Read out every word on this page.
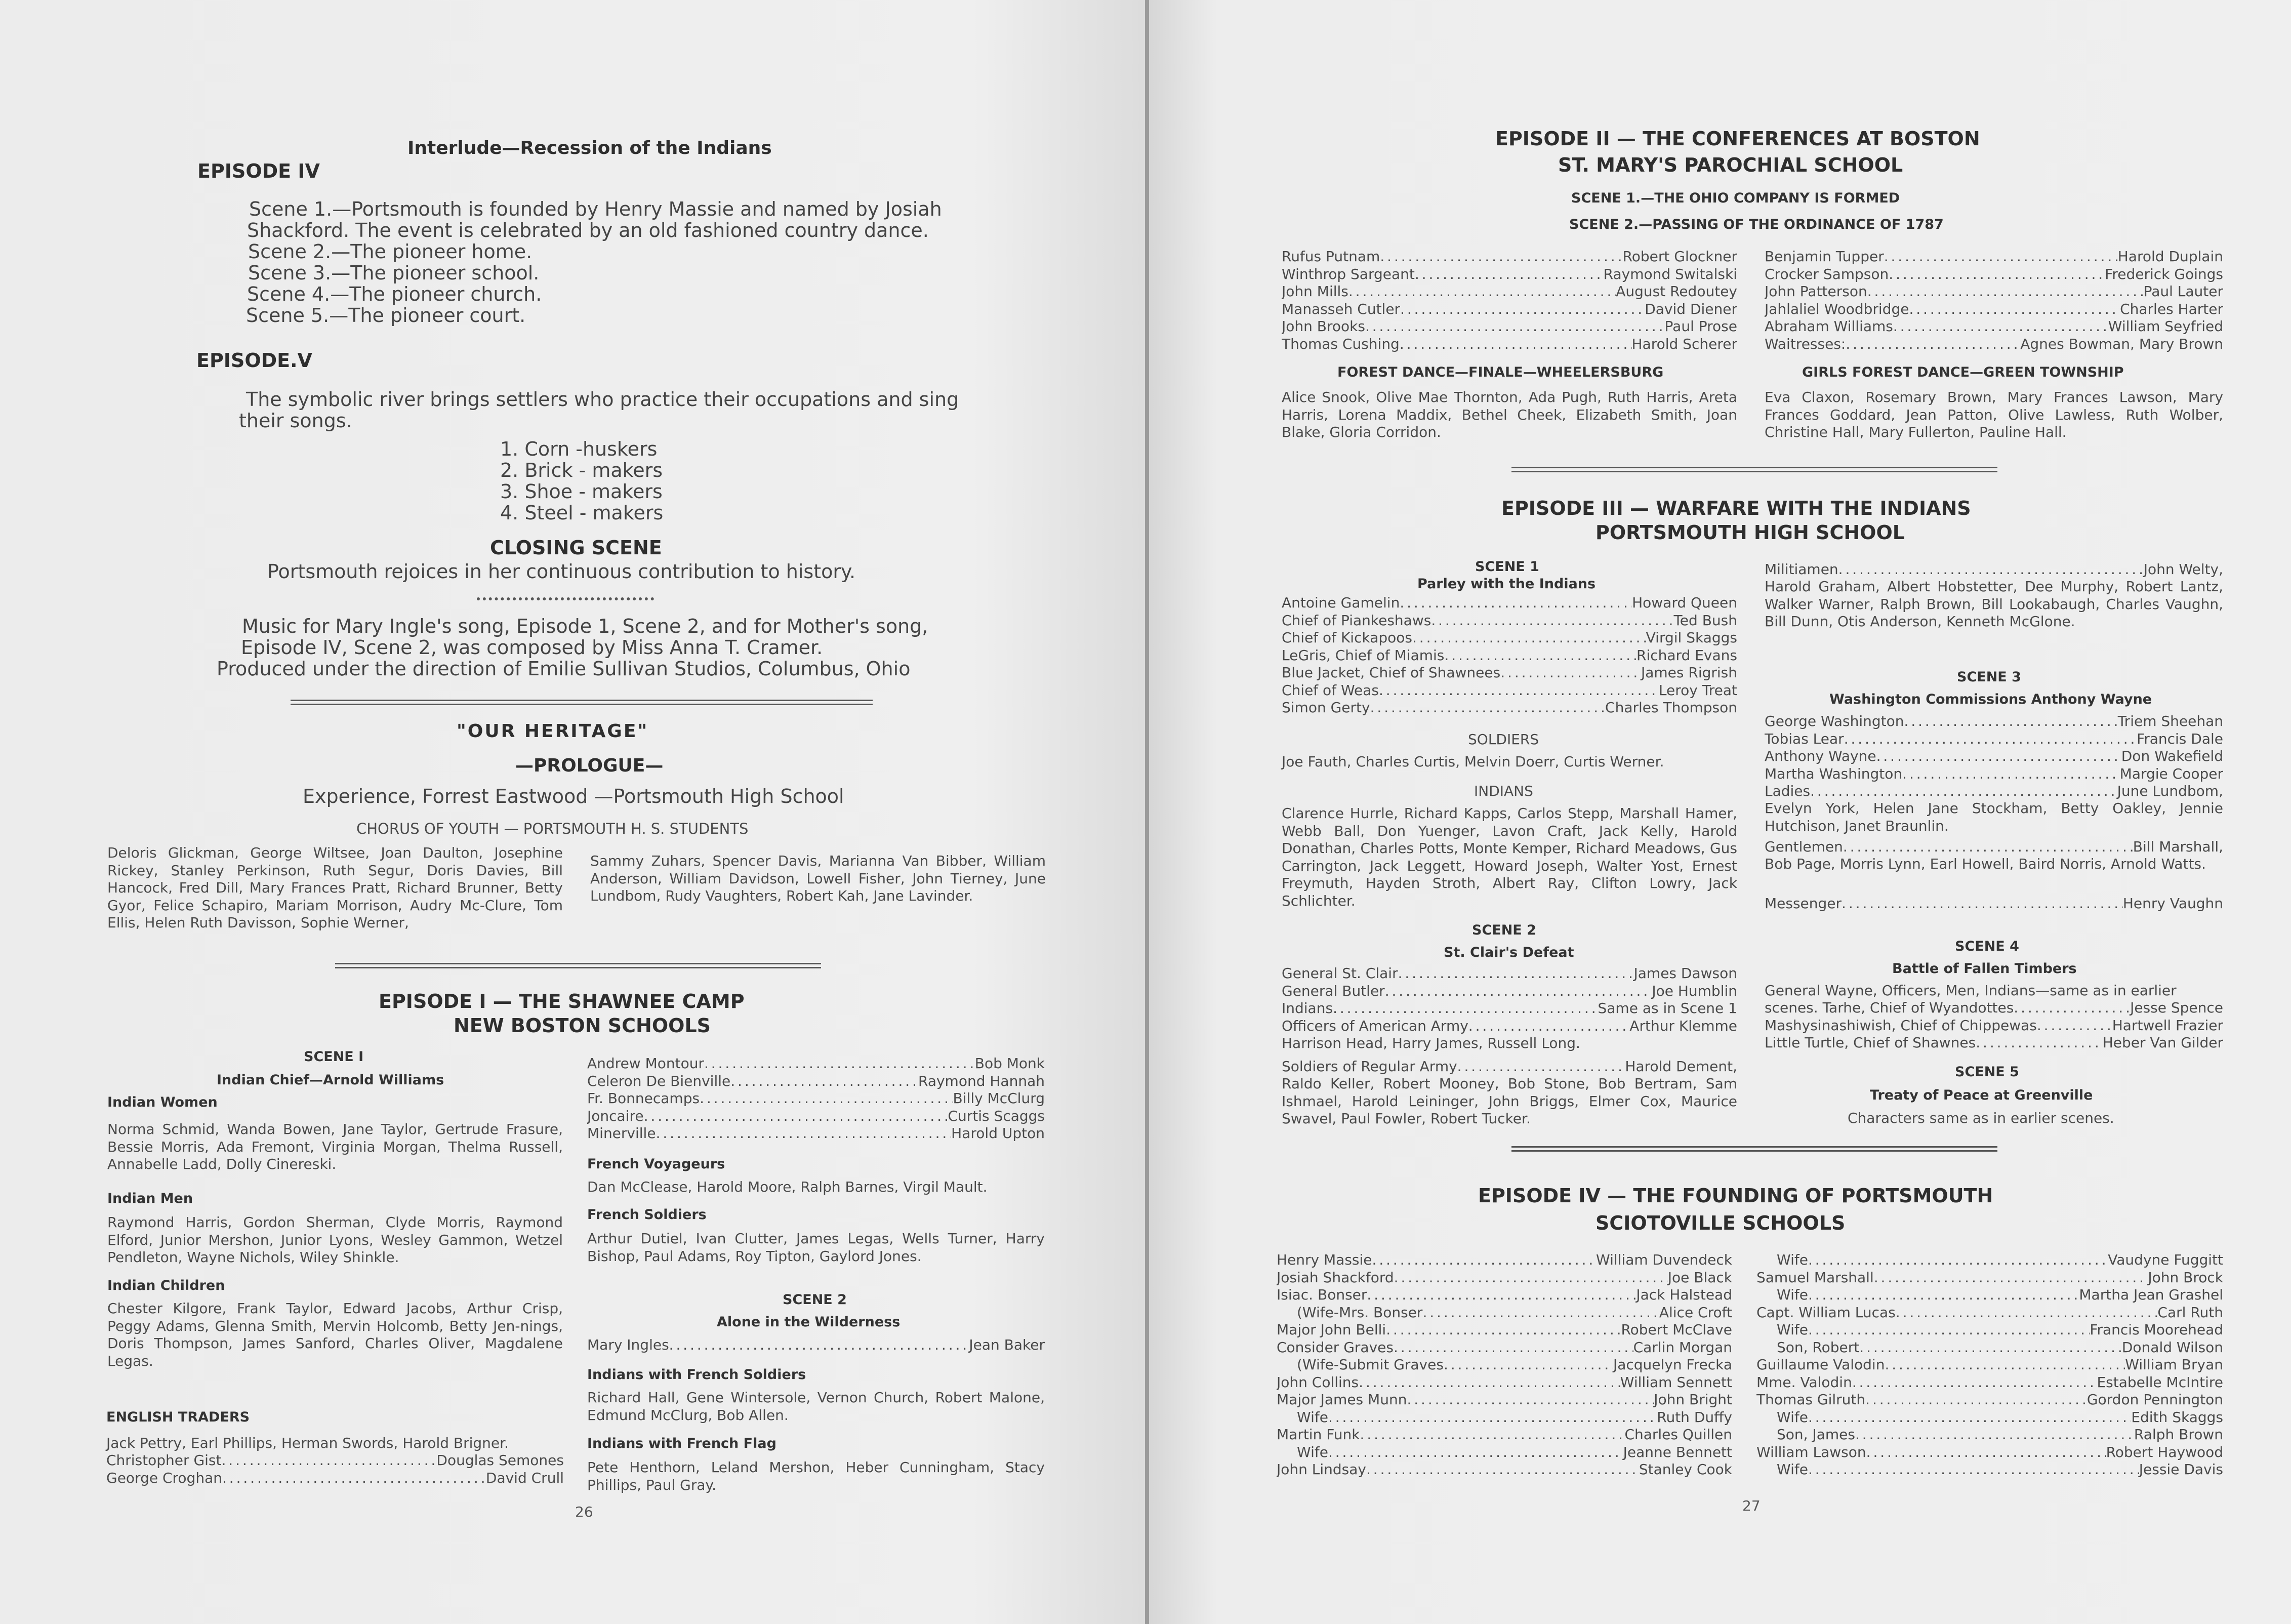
Interlude—Recession of the Indians
EPISODE IV
Scene 1.—Portsmouth is founded by Henry Massie and named by Josiah
Shackford. The event is celebrated by an old fashioned country dance.
Scene 2.—The pioneer home.
Scene 3.—The pioneer school.
Scene 4.—The pioneer church.
Scene 5.—The pioneer court.
EPISODE.V
The symbolic river brings settlers who practice their occupations and sing
their songs.
1. Corn -huskers
2. Brick - makers
3. Shoe - makers
4. Steel - makers
CLOSING SCENE
Portsmouth rejoices in her continuous contribution to history.
Music for Mary Ingle's song, Episode 1, Scene 2, and for Mother's song,
Episode IV, Scene 2, was composed by Miss Anna T. Cramer.
Produced under the direction of Emilie Sullivan Studios, Columbus, Ohio
"OUR HERITAGE"
—PROLOGUE—
Experience, Forrest Eastwood —Portsmouth High School
CHORUS OF YOUTH — PORTSMOUTH H. S. STUDENTS
Deloris Glickman, George Wiltsee, Joan Daulton, Josephine Rickey, Stanley Perkinson, Ruth Segur, Doris Davies, Bill Hancock, Fred Dill, Mary Frances Pratt, Richard Brunner, Betty Gyor, Felice Schapiro, Mariam Morrison, Audry Mc-Clure, Tom Ellis, Helen Ruth Davisson, Sophie Werner,
Sammy Zuhars, Spencer Davis, Marianna Van Bibber, William Anderson, William Davidson, Lowell Fisher, John Tierney, June Lundbom, Rudy Vaughters, Robert Kah, Jane Lavinder.
EPISODE I — THE SHAWNEE CAMP
NEW BOSTON SCHOOLS
SCENE I
Indian Chief—Arnold Williams
Indian Women
Norma Schmid, Wanda Bowen, Jane Taylor, Gertrude Frasure, Bessie Morris, Ada Fremont, Virginia Morgan, Thelma Russell, Annabelle Ladd, Dolly Cinereski.
Indian Men
Raymond Harris, Gordon Sherman, Clyde Morris, Raymond Elford, Junior Mershon, Junior Lyons, Wesley Gammon, Wetzel Pendleton, Wayne Nichols, Wiley Shinkle.
Indian Children
Chester Kilgore, Frank Taylor, Edward Jacobs, Arthur Crisp, Peggy Adams, Glenna Smith, Mervin Holcomb, Betty Jen-nings, Doris Thompson, James Sanford, Charles Oliver, Magdalene Legas.
ENGLISH TRADERS
Jack Pettry, Earl Phillips, Herman Swords, Harold Brigner.
Christopher Gist . . .	Douglas Semones
George Croghan . . .	David Crull
Andrew Montour . . .	Bob Monk
Celeron De Bienville . . .	Raymond Hannah
Fr. Bonnecamps . . .	Billy McClurg
Joncaire . . .	Curtis Scaggs
Minerville . . .	Harold Upton
French Voyageurs
Dan McClease, Harold Moore, Ralph Barnes, Virgil Mault.
French Soldiers
Arthur Dutiel, Ivan Clutter, James Legas, Wells Turner, Harry Bishop, Paul Adams, Roy Tipton, Gaylord Jones.
SCENE 2
Alone in the Wilderness
Mary Ingles . . .	Jean Baker
Indians with French Soldiers
Richard Hall, Gene Wintersole, Vernon Church, Robert Malone, Edmund McClurg, Bob Allen.
Indians with French Flag
Pete Henthorn, Leland Mershon, Heber Cunningham, Stacy Phillips, Paul Gray.
26
EPISODE II — THE CONFERENCES AT BOSTON
ST. MARY'S PAROCHIAL SCHOOL
SCENE 1.—THE OHIO COMPANY IS FORMED
SCENE 2.—PASSING OF THE ORDINANCE OF 1787
Rufus Putnam . . .	Robert Glockner
Winthrop Sargeant . . .	Raymond Switalski
John Mills . . .	August Redoutey
Manasseh Cutler . . .	David Diener
John Brooks . . .	Paul Prose
Thomas Cushing . . .	Harold Scherer
Benjamin Tupper . . .	Harold Duplain
Crocker Sampson . . .	Frederick Goings
John Patterson . . .	Paul Lauter
Jahlaliel Woodbridge . . .	Charles Harter
Abraham Williams . . .	William Seyfried
Waitresses: . . .	Agnes Bowman, Mary Brown
FOREST DANCE—FINALE—WHEELERSBURG
Alice Snook, Olive Mae Thornton, Ada Pugh, Ruth Harris, Areta Harris, Lorena Maddix, Bethel Cheek, Elizabeth Smith, Joan Blake, Gloria Corridon.
GIRLS FOREST DANCE—GREEN TOWNSHIP
Eva Claxon, Rosemary Brown, Mary Frances Lawson, Mary Frances Goddard, Jean Patton, Olive Lawless, Ruth Wolber, Christine Hall, Mary Fullerton, Pauline Hall.
EPISODE III — WARFARE WITH THE INDIANS
PORTSMOUTH HIGH SCHOOL
SCENE 1
Parley with the Indians
Antoine Gamelin . . .	Howard Queen
Chief of Piankeshaws . . .	Ted Bush
Chief of Kickapoos . . .	Virgil Skaggs
LeGris, Chief of Miamis . . .	Richard Evans
Blue Jacket, Chief of Shawnees . . .	James Rigrish
Chief of Weas . . .	Leroy Treat
Simon Gerty . . .	Charles Thompson
SOLDIERS
Joe Fauth, Charles Curtis, Melvin Doerr, Curtis Werner.
INDIANS
Clarence Hurrle, Richard Kapps, Carlos Stepp, Marshall Hamer, Webb Ball, Don Yuenger, Lavon Craft, Jack Kelly, Harold Donathan, Charles Potts, Monte Kemper, Richard Meadows, Gus Carrington, Jack Leggett, Howard Joseph, Walter Yost, Ernest Freymuth, Hayden Stroth, Albert Ray, Clifton Lowry, Jack Schlichter.
SCENE 2
St. Clair's Defeat
General St. Clair . . .	James Dawson
General Butler . . .	Joe Humblin
Indians . . .	Same as in Scene 1
Officers of American Army . . .	Arthur Klemme
Harrison Head, Harry James, Russell Long.
Soldiers of Regular Army . . .	Harold Dement,
Raldo Keller, Robert Mooney, Bob Stone, Bob Bertram, Sam Ishmael, Harold Leininger, John Briggs, Elmer Cox, Maurice Swavel, Paul Fowler, Robert Tucker.
Militiamen . . .	John Welty,
Harold Graham, Albert Hobstetter, Dee Murphy, Robert Lantz, Walker Warner, Ralph Brown, Bill Lookabaugh, Charles Vaughn, Bill Dunn, Otis Anderson, Kenneth McGlone.
SCENE 3
Washington Commissions Anthony Wayne
George Washington . . .	Triem Sheehan
Tobias Lear . . .	Francis Dale
Anthony Wayne . . .	Don Wakefield
Martha Washington . . .	Margie Cooper
Ladies . . .	June Lundbom,
Evelyn York, Helen Jane Stockham, Betty Oakley, Jennie Hutchison, Janet Braunlin.
Gentlemen . . .	Bill Marshall,
Bob Page, Morris Lynn, Earl Howell, Baird Norris, Arnold Watts.
Messenger . . .	Henry Vaughn
SCENE 4
Battle of Fallen Timbers
General Wayne, Officers, Men, Indians—same as in earlier
scenes. Tarhe, Chief of Wyandottes . . .	Jesse Spence
Mashysinashiwish, Chief of Chippewas . . .	Hartwell Frazier
Little Turtle, Chief of Shawnes . . .	Heber Van Gilder
SCENE 5
Treaty of Peace at Greenville
Characters same as in earlier scenes.
EPISODE IV — THE FOUNDING OF PORTSMOUTH
SCIOTOVILLE SCHOOLS
Henry Massie . . .	William Duvendeck
Josiah Shackford . . .	Joe Black
Isiac. Bonser . . .	Jack Halstead
(Wife-Mrs. Bonser . . .	Alice Croft
Major John Belli . . .	Robert McClave
Consider Graves . . .	Carlin Morgan
(Wife-Submit Graves . . .	Jacquelyn Frecka
John Collins . . .	William Sennett
Major James Munn . . .	John Bright
Wife . . .	Ruth Duffy
Martin Funk . . .	Charles Quillen
Wife . . .	Jeanne Bennett
John Lindsay . . .	Stanley Cook
Wife . . .	Vaudyne Fuggitt
Samuel Marshall . . .	John Brock
Wife . . .	Martha Jean Grashel
Capt. William Lucas . . .	Carl Ruth
Wife . . .	Francis Moorehead
Son, Robert . . .	Donald Wilson
Guillaume Valodin . . .	William Bryan
Mme. Valodin . . .	Estabelle McIntire
Thomas Gilruth . . .	Gordon Pennington
Wife . . .	Edith Skaggs
Son, James . . .	Ralph Brown
William Lawson . . .	Robert Haywood
Wife . . .	Jessie Davis
27
